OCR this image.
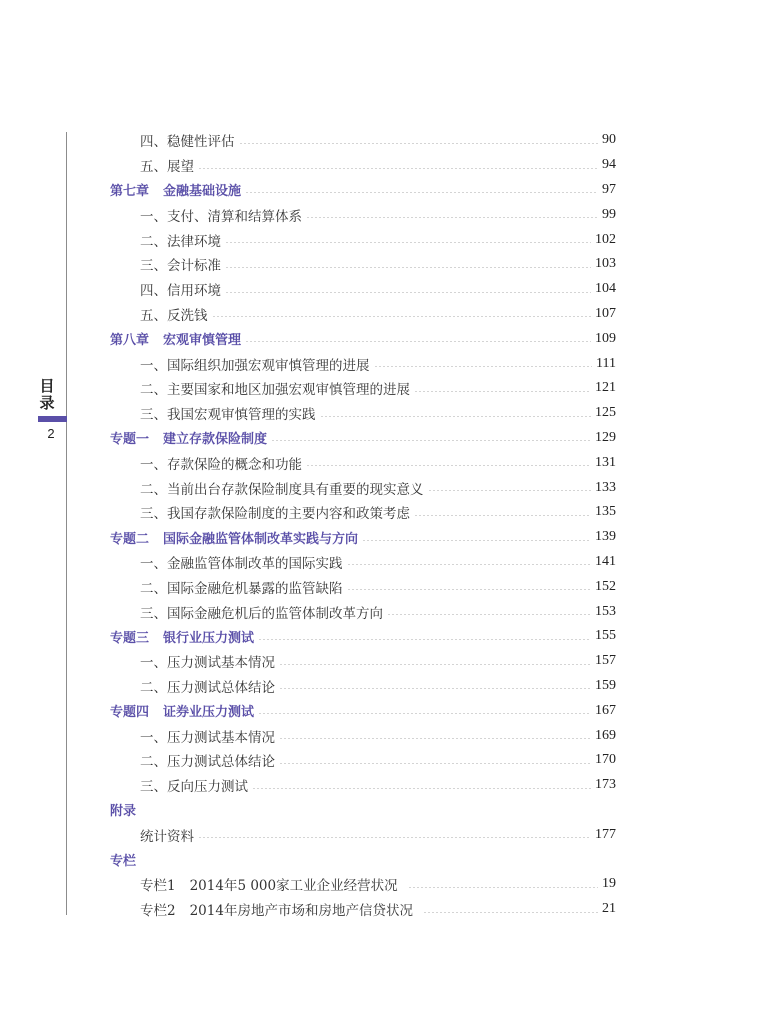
目
录
2
四、稳健性评估	90
五、展望	94
第七章 金融基础设施	97
一、支付、清算和结算体系	99
二、法律环境	102
三、会计标准	103
四、信用环境	104
五、反洗钱	107
第八章 宏观审慎管理	109
一、国际组织加强宏观审慎管理的进展	111
二、主要国家和地区加强宏观审慎管理的进展	121
三、我国宏观审慎管理的实践	125
专题一 建立存款保险制度	129
一、存款保险的概念和功能	131
二、当前出台存款保险制度具有重要的现实意义	133
三、我国存款保险制度的主要内容和政策考虑	135
专题二 国际金融监管体制改革实践与方向	139
一、金融监管体制改革的国际实践	141
二、国际金融危机暴露的监管缺陷	152
三、国际金融危机后的监管体制改革方向	153
专题三 银行业压力测试	155
一、压力测试基本情况	157
二、压力测试总体结论	159
专题四 证券业压力测试	167
一、压力测试基本情况	169
二、压力测试总体结论	170
三、反向压力测试	173
附录
统计资料	177
专栏
专栏1 2014年5 000家工业企业经营状况	19
专栏2 2014年房地产市场和房地产信贷状况	21
